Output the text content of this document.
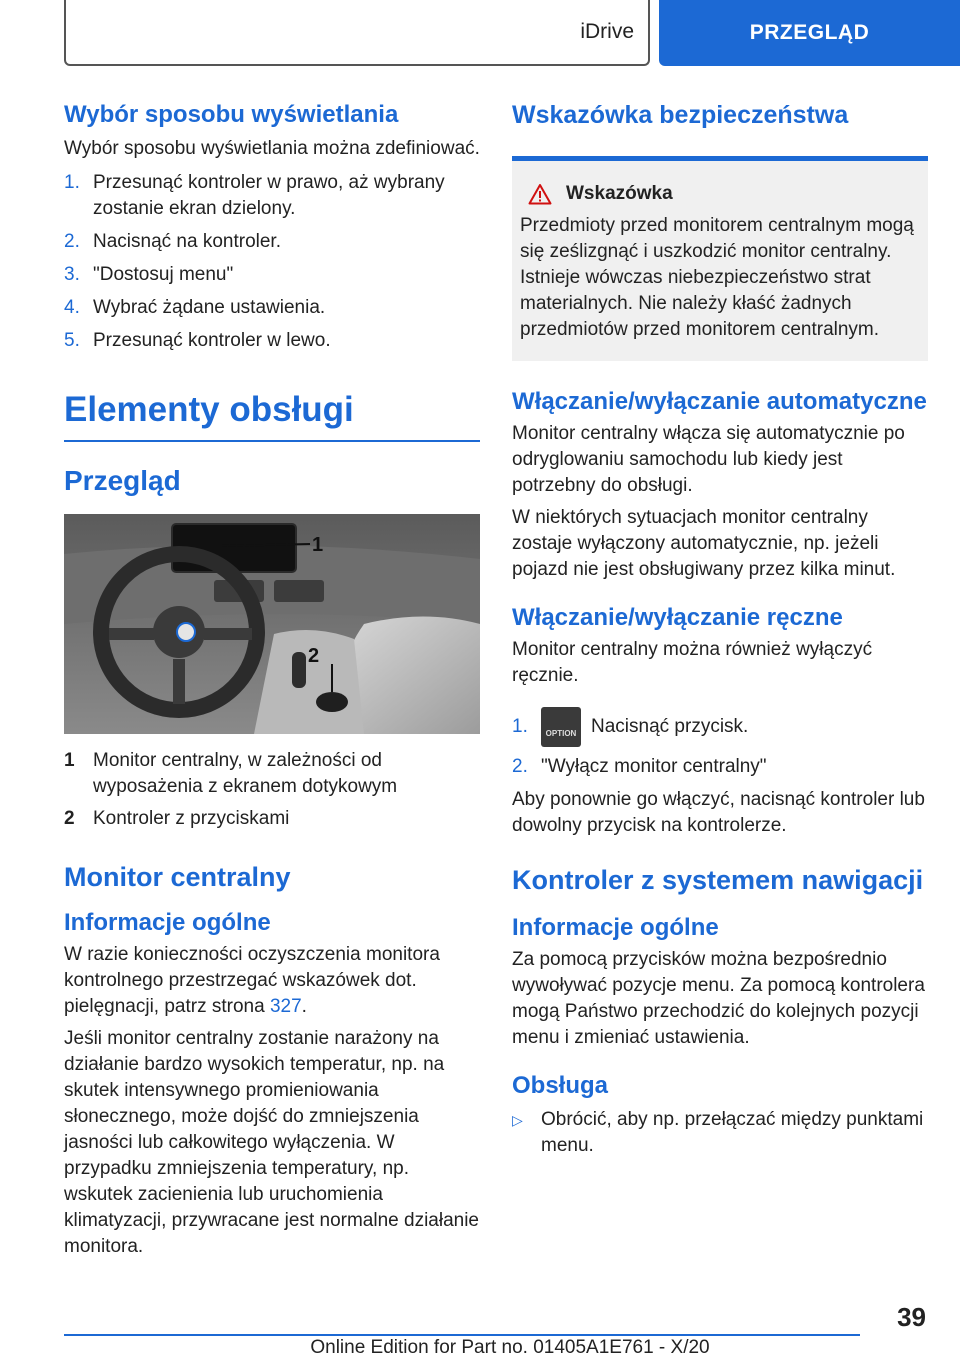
iDrive	PRZEGLĄD
Wybór sposobu wyświetlania
Wybór sposobu wyświetlania można zdefiniować.
1. Przesunąć kontroler w prawo, aż wybrany zostanie ekran dzielony.
2. Nacisnąć na kontroler.
3. "Dostosuj menu"
4. Wybrać żądane ustawienia.
5. Przesunąć kontroler w lewo.
Elementy obsługi
Przegląd
1
2
1 Monitor centralny, w zależności od wyposażenia z ekranem dotykowym
2 Kontroler z przyciskami
Monitor centralny
Informacje ogólne
W razie konieczności oczyszczenia monitora kontrolnego przestrzegać wskazówek dot. pielęgnacji, patrz strona 327.
Jeśli monitor centralny zostanie narażony na działanie bardzo wysokich temperatur, np. na skutek intensywnego promieniowania słonecznego, może dojść do zmniejszenia jasności lub całkowitego wyłączenia. W przypadku zmniejszenia temperatury, np. wskutek zacienienia lub uruchomienia klimatyzacji, przywracane jest normalne działanie monitora.
Wskazówka bezpieczeństwa
Wskazówka
Przedmioty przed monitorem centralnym mogą się ześlizgnąć i uszkodzić monitor centralny. Istnieje wówczas niebezpieczeństwo strat materialnych. Nie należy kłaść żadnych przedmiotów przed monitorem centralnym.
Włączanie/wyłączanie automatyczne
Monitor centralny włącza się automatycznie po odryglowaniu samochodu lub kiedy jest potrzebny do obsługi.
W niektórych sytuacjach monitor centralny zostaje wyłączony automatycznie, np. jeżeli pojazd nie jest obsługiwany przez kilka minut.
Włączanie/wyłączanie ręczne
Monitor centralny można również wyłączyć ręcznie.
1.	OPTION Nacisnąć przycisk.
2. "Wyłącz monitor centralny"
Aby ponownie go włączyć, nacisnąć kontroler lub dowolny przycisk na kontrolerze.
Kontroler z systemem nawigacji
Informacje ogólne
Za pomocą przycisków można bezpośrednio wywoływać pozycje menu. Za pomocą kontrolera mogą Państwo przechodzić do kolejnych pozycji menu i zmieniać ustawienia.
Obsługa
▷ Obrócić, aby np. przełączać między punktami menu.
39
Online Edition for Part no. 01405A1E761 - X/20
